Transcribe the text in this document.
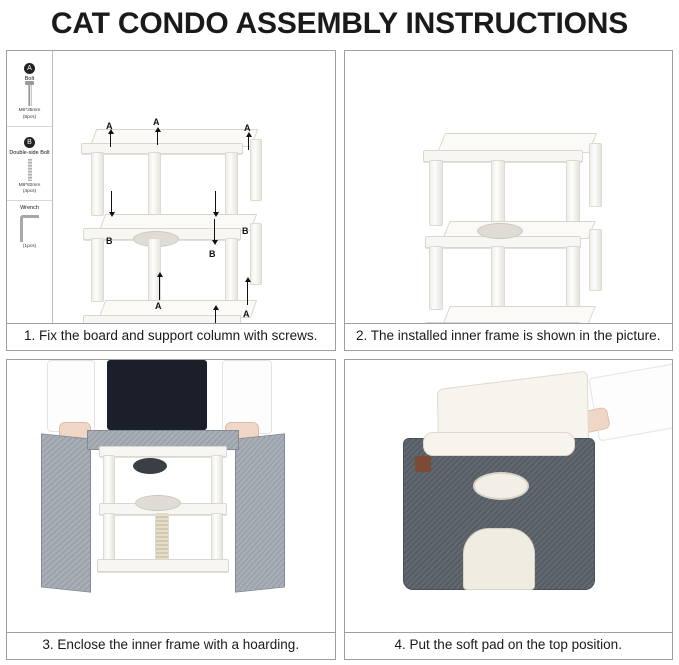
CAT CONDO ASSEMBLY INSTRUCTIONS
A
Bolt
M6*35mm
(8pcs)
B
Double-side Bolt
M8*82mm
(4pcs)
Wrench
(1pcs)
A	A
A
B
B
B
A
A
1. Fix the board and support column with screws.	2. The installed inner frame is shown in the picture.
3. Enclose the inner frame with a hoarding.	4. Put the soft pad on the top position.
